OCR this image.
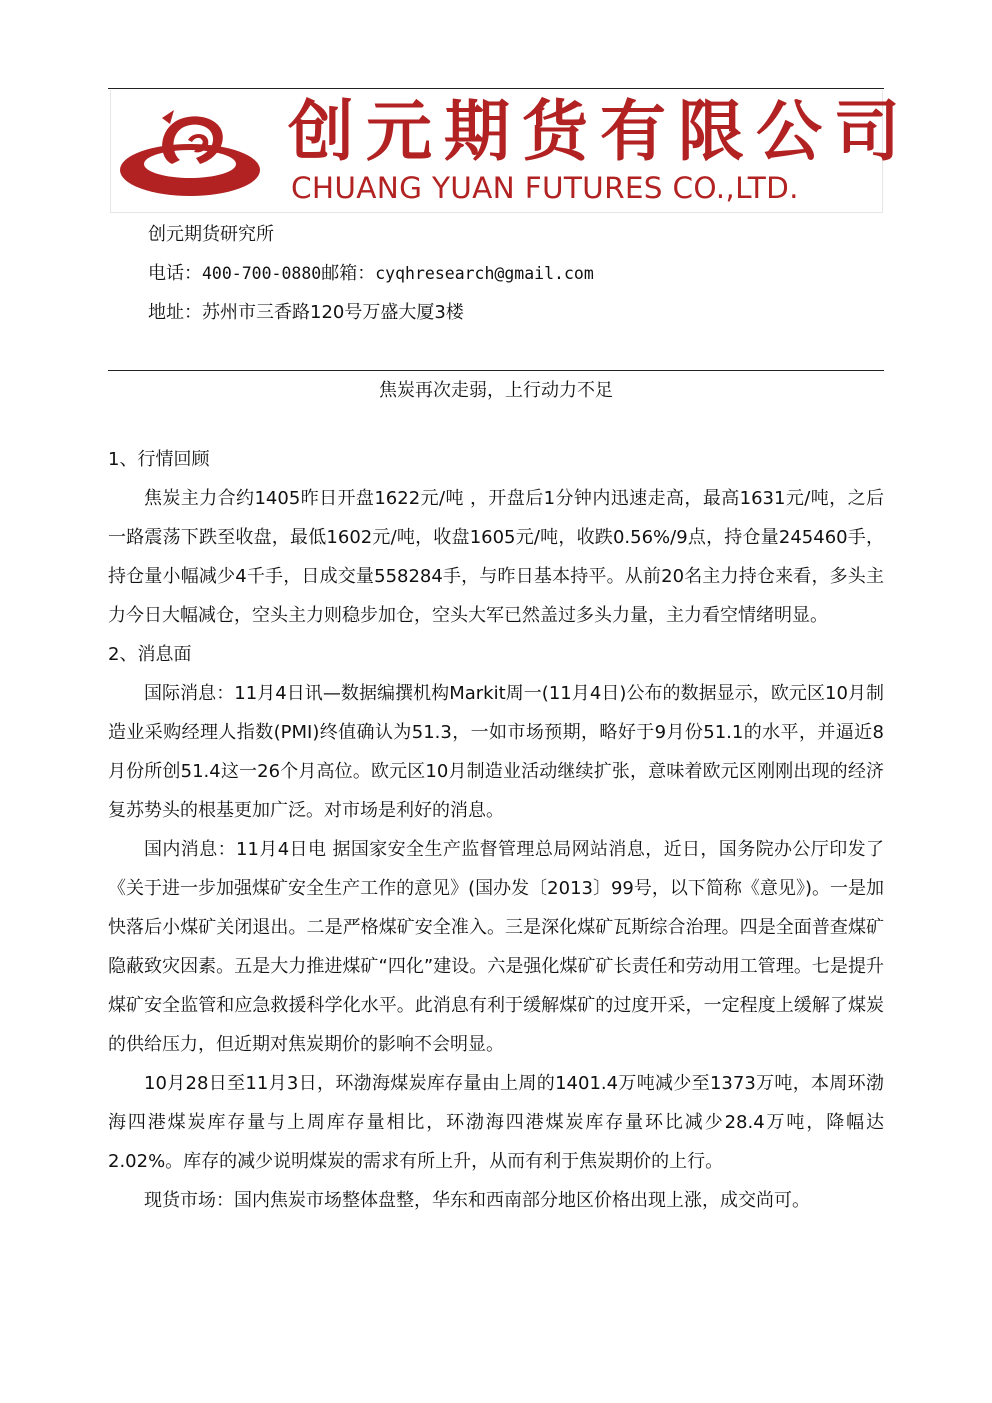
创元期货有限公司
CHUANG YUAN FUTURES CO.,LTD.
创元期货研究所
电话：400-700-0880邮箱：cyqhresearch@gmail.com
地址：苏州市三香路120号万盛大厦3楼
焦炭再次走弱，上行动力不足

1、行情回顾

焦炭主力合约1405昨日开盘1622元/吨 ，开盘后1分钟内迅速走高，最高1631元/吨，之后一路震荡下跌至收盘，最低1602元/吨，收盘1605元/吨，收跌0.56%/9点，持仓量245460手，持仓量小幅减少4千手，日成交量558284手，与昨日基本持平。从前20名主力持仓来看，多头主力今日大幅减仓，空头主力则稳步加仓，空头大军已然盖过多头力量，主力看空情绪明显。

2、消息面

国际消息：11月4日讯—数据编撰机构Markit周一(11月4日)公布的数据显示，欧元区10月制造业采购经理人指数(PMI)终值确认为51.3，一如市场预期，略好于9月份51.1的水平，并逼近8月份所创51.4这一26个月高位。欧元区10月制造业活动继续扩张，意味着欧元区刚刚出现的经济复苏势头的根基更加广泛。对市场是利好的消息。

国内消息：11月4日电 据国家安全生产监督管理总局网站消息，近日，国务院办公厅印发了《关于进一步加强煤矿安全生产工作的意见》(国办发〔2013〕99号，以下简称《意见》)。一是加快落后小煤矿关闭退出。二是严格煤矿安全准入。三是深化煤矿瓦斯综合治理。四是全面普查煤矿隐蔽致灾因素。五是大力推进煤矿“四化”建设。六是强化煤矿矿长责任和劳动用工管理。七是提升煤矿安全监管和应急救援科学化水平。此消息有利于缓解煤矿的过度开采，一定程度上缓解了煤炭的供给压力，但近期对焦炭期价的影响不会明显。

10月28日至11月3日，环渤海煤炭库存量由上周的1401.4万吨减少至1373万吨，本周环渤海四港煤炭库存量与上周库存量相比，环渤海四港煤炭库存量环比减少28.4万吨，降幅达2.02%。库存的减少说明煤炭的需求有所上升，从而有利于焦炭期价的上行。

现货市场：国内焦炭市场整体盘整，华东和西南部分地区价格出现上涨，成交尚可。
